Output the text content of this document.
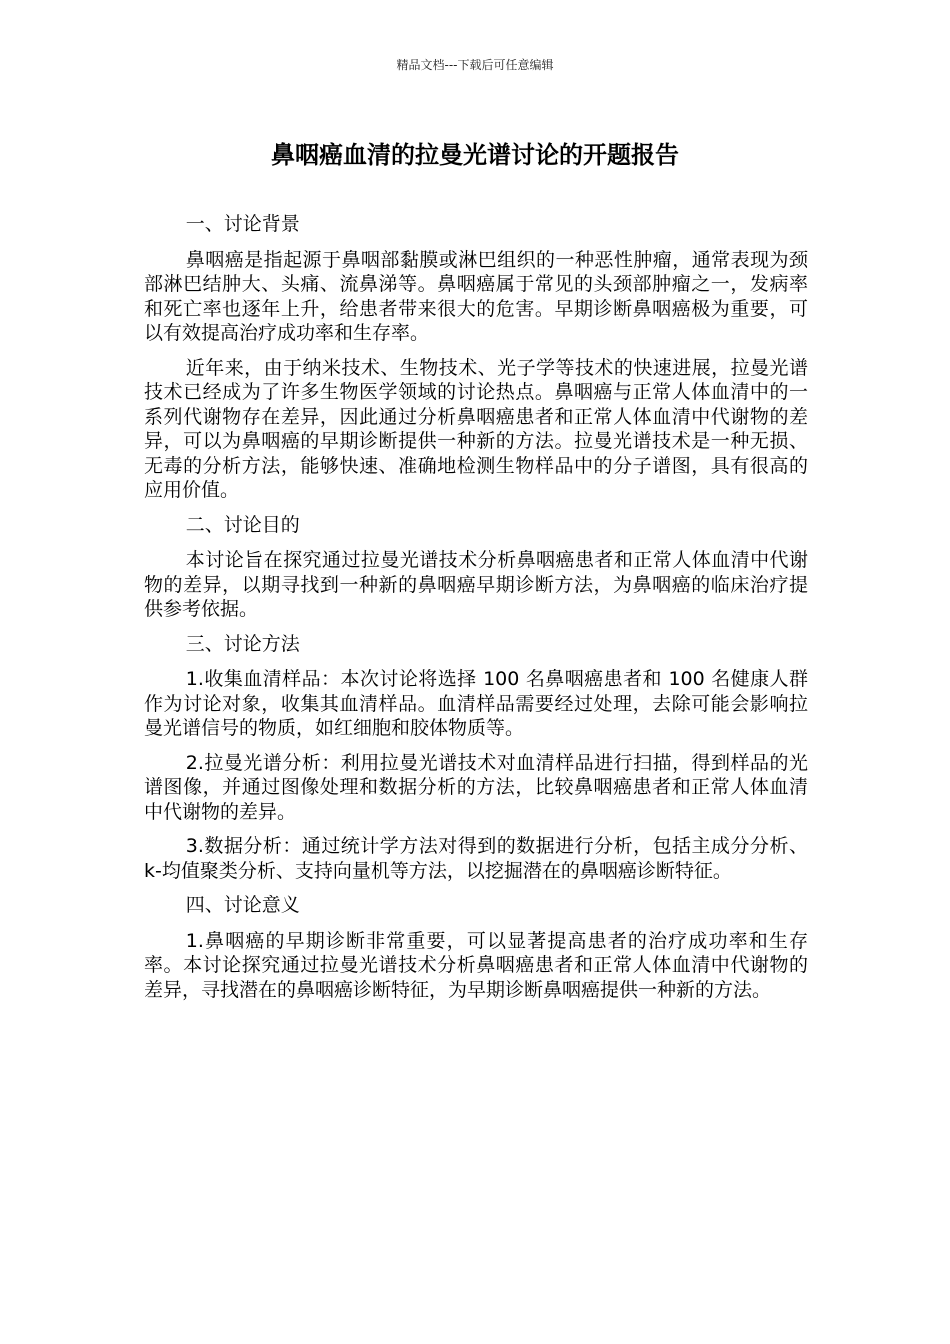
精品文档---下载后可任意编辑
鼻咽癌血清的拉曼光谱讨论的开题报告

一、讨论背景

鼻咽癌是指起源于鼻咽部黏膜或淋巴组织的一种恶性肿瘤，通常表现为颈部淋巴结肿大、头痛、流鼻涕等。鼻咽癌属于常见的头颈部肿瘤之一，发病率和死亡率也逐年上升，给患者带来很大的危害。早期诊断鼻咽癌极为重要，可以有效提高治疗成功率和生存率。

近年来，由于纳米技术、生物技术、光子学等技术的快速进展，拉曼光谱技术已经成为了许多生物医学领域的讨论热点。鼻咽癌与正常人体血清中的一系列代谢物存在差异，因此通过分析鼻咽癌患者和正常人体血清中代谢物的差异，可以为鼻咽癌的早期诊断提供一种新的方法。拉曼光谱技术是一种无损、无毒的分析方法，能够快速、准确地检测生物样品中的分子谱图，具有很高的应用价值。

二、讨论目的

本讨论旨在探究通过拉曼光谱技术分析鼻咽癌患者和正常人体血清中代谢物的差异，以期寻找到一种新的鼻咽癌早期诊断方法，为鼻咽癌的临床治疗提供参考依据。

三、讨论方法

1.收集血清样品：本次讨论将选择 100 名鼻咽癌患者和 100 名健康人群作为讨论对象，收集其血清样品。血清样品需要经过处理，去除可能会影响拉曼光谱信号的物质，如红细胞和胶体物质等。

2.拉曼光谱分析：利用拉曼光谱技术对血清样品进行扫描，得到样品的光谱图像，并通过图像处理和数据分析的方法，比较鼻咽癌患者和正常人体血清中代谢物的差异。

3.数据分析：通过统计学方法对得到的数据进行分析，包括主成分分析、k-均值聚类分析、支持向量机等方法，以挖掘潜在的鼻咽癌诊断特征。

四、讨论意义

1.鼻咽癌的早期诊断非常重要，可以显著提高患者的治疗成功率和生存率。本讨论探究通过拉曼光谱技术分析鼻咽癌患者和正常人体血清中代谢物的差异，寻找潜在的鼻咽癌诊断特征，为早期诊断鼻咽癌提供一种新的方法。
